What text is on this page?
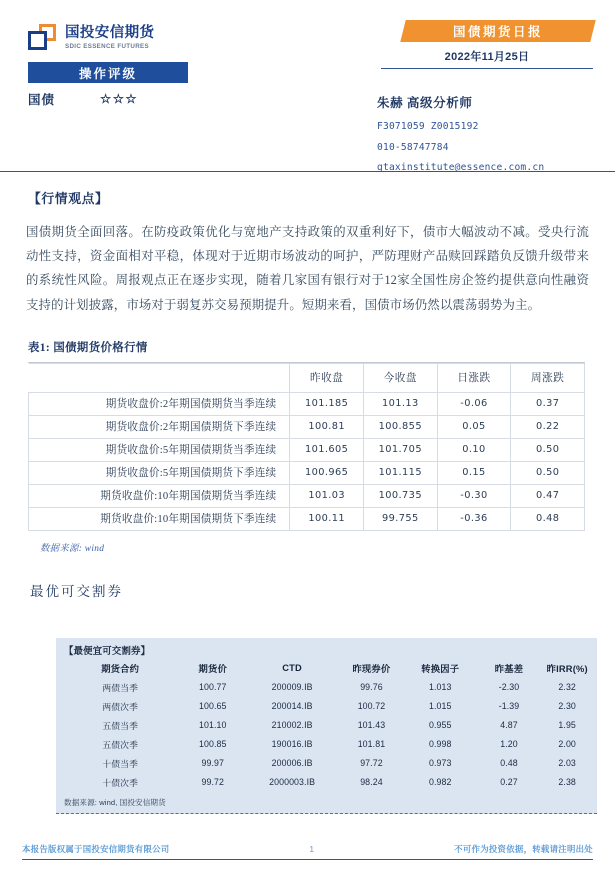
国投安信期货
SDIC ESSENCE FUTURES
操作评级
国债	☆☆☆
国债期货日报
2022年11月25日
朱赫 高级分析师
F3071059 Z0015192
010-58747784
gtaxinstitute@essence.com.cn
【行情观点】
国债期货全面回落。在防疫政策优化与宽地产支持政策的双重利好下，债市大幅波动不减。受央行流动性支持，资金面相对平稳，体现对于近期市场波动的呵护，严防理财产品赎回踩踏负反馈升级带来的系统性风险。周报观点正在逐步实现，随着几家国有银行对于12家全国性房企签约提供意向性融资支持的计划披露，市场对于弱复苏交易预期提升。短期来看，国债市场仍然以震荡弱势为主。
表1: 国债期货价格行情
	昨收盘	今收盘	日涨跌	周涨跌
期货收盘价:2年期国债期货当季连续	101.185	101.13	-0.06	0.37
期货收盘价:2年期国债期货下季连续	100.81	100.855	0.05	0.22
期货收盘价:5年期国债期货当季连续	101.605	101.705	0.10	0.50
期货收盘价:5年期国债期货下季连续	100.965	101.115	0.15	0.50
期货收盘价:10年期国债期货当季连续	101.03	100.735	-0.30	0.47
期货收盘价:10年期国债期货下季连续	100.11	99.755	-0.36	0.48
数据来源: wind
最优可交割券
【最便宜可交割券】
期货合约	期货价	CTD	昨现券价	转换因子	昨基差	昨IRR(%)
两债当季	100.77	200009.IB	99.76	1.013	-2.30	2.32
两债次季	100.65	200014.IB	100.72	1.015	-1.39	2.30
五债当季	101.10	210002.IB	101.43	0.955	4.87	1.95
五债次季	100.85	190016.IB	101.81	0.998	1.20	2.00
十债当季	99.97	200006.IB	97.72	0.973	0.48	2.03
十债次季	99.72	2000003.IB	98.24	0.982	0.27	2.38
数据来源: wind, 国投安信期货
本报告版权属于国投安信期货有限公司	1	不可作为投资依据，转载请注明出处
